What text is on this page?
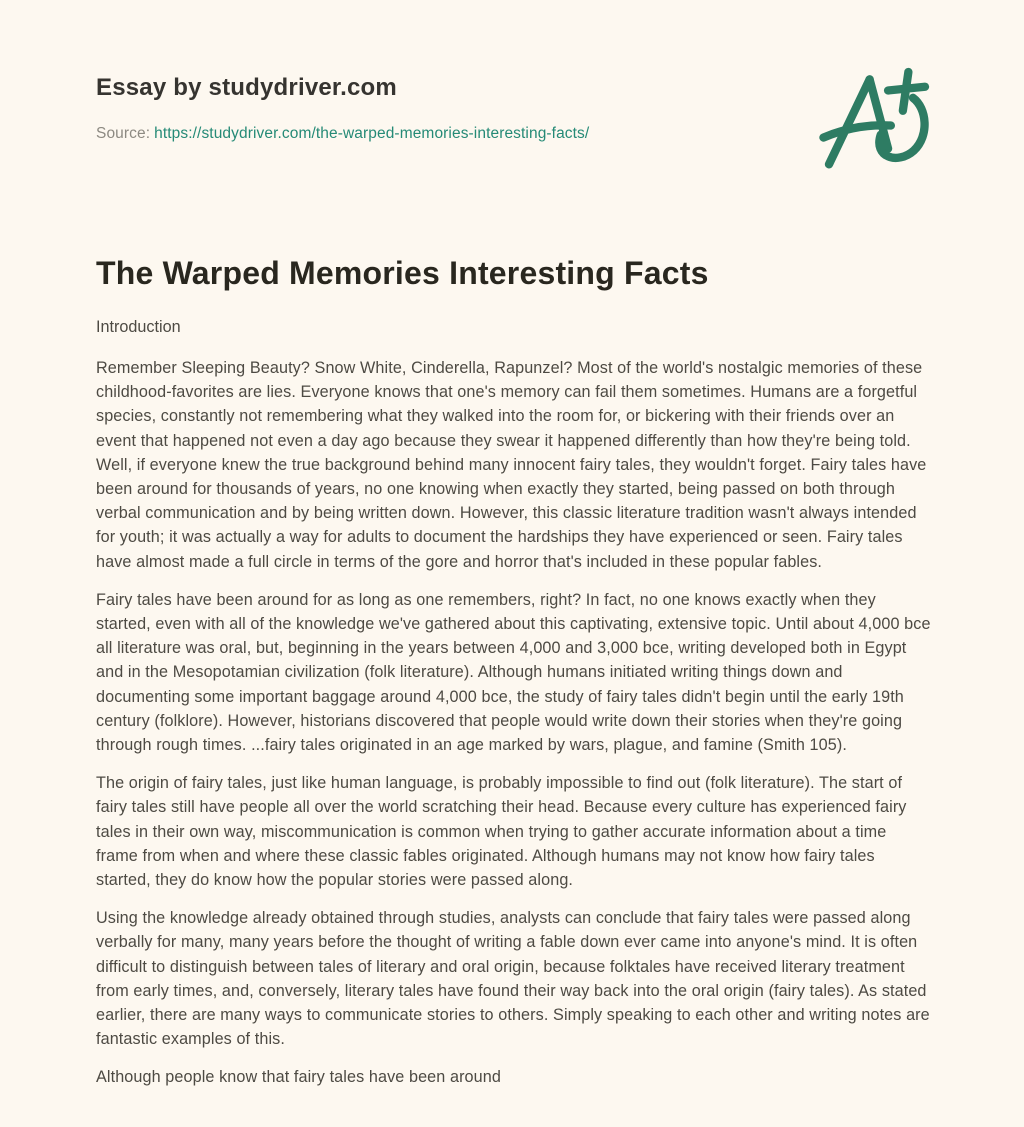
Essay by studydriver.com
Source: https://studydriver.com/the-warped-memories-interesting-facts/
The Warped Memories Interesting Facts
Introduction

Remember Sleeping Beauty? Snow White, Cinderella, Rapunzel? Most of the world's nostalgic memories of these childhood-favorites are lies. Everyone knows that one's memory can fail them sometimes. Humans are a forgetful species, constantly not remembering what they walked into the room for, or bickering with their friends over an event that happened not even a day ago because they swear it happened differently than how they're being told. Well, if everyone knew the true background behind many innocent fairy tales, they wouldn't forget. Fairy tales have been around for thousands of years, no one knowing when exactly they started, being passed on both through verbal communication and by being written down. However, this classic literature tradition wasn't always intended for youth; it was actually a way for adults to document the hardships they have experienced or seen. Fairy tales have almost made a full circle in terms of the gore and horror that's included in these popular fables.

Fairy tales have been around for as long as one remembers, right? In fact, no one knows exactly when they started, even with all of the knowledge we've gathered about this captivating, extensive topic. Until about 4,000 bce all literature was oral, but, beginning in the years between 4,000 and 3,000 bce, writing developed both in Egypt and in the Mesopotamian civilization (folk literature). Although humans initiated writing things down and documenting some important baggage around 4,000 bce, the study of fairy tales didn't begin until the early 19th century (folklore). However, historians discovered that people would write down their stories when they're going through rough times. ...fairy tales originated in an age marked by wars, plague, and famine (Smith 105).

The origin of fairy tales, just like human language, is probably impossible to find out (folk literature). The start of fairy tales still have people all over the world scratching their head. Because every culture has experienced fairy tales in their own way, miscommunication is common when trying to gather accurate information about a time frame from when and where these classic fables originated. Although humans may not know how fairy tales started, they do know how the popular stories were passed along.

Using the knowledge already obtained through studies, analysts can conclude that fairy tales were passed along verbally for many, many years before the thought of writing a fable down ever came into anyone's mind. It is often difficult to distinguish between tales of literary and oral origin, because folktales have received literary treatment from early times, and, conversely, literary tales have found their way back into the oral origin (fairy tales). As stated earlier, there are many ways to communicate stories to others. Simply speaking to each other and writing notes are fantastic examples of this.

Although people know that fairy tales have been around
